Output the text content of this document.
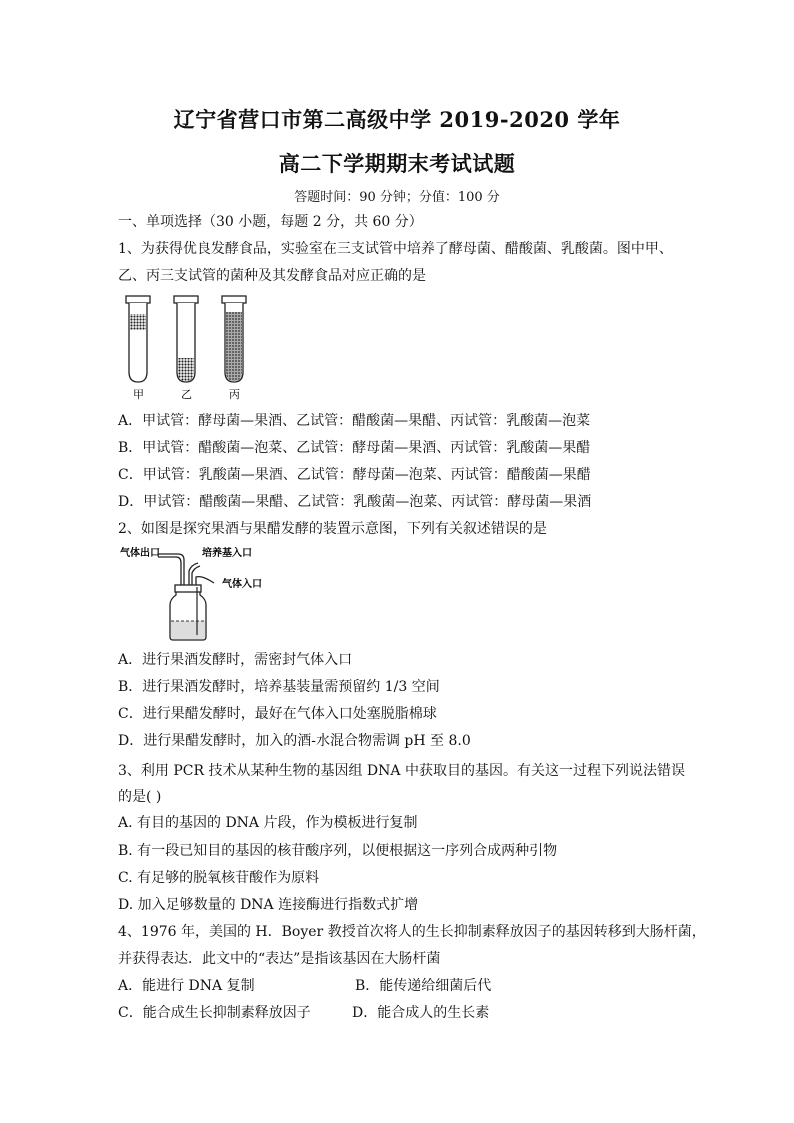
辽宁省营口市第二高级中学 2019-2020 学年
高二下学期期末考试试题
答题时间：90 分钟；分值：100 分
一、单项选择（30 小题，每题 2 分，共 60 分）
1、为获得优良发酵食品，实验室在三支试管中培养了酵母菌、醋酸菌、乳酸菌。图中甲、
乙、丙三支试管的菌种及其发酵食品对应正确的是
甲	乙	丙
A．甲试管：酵母菌—果酒、乙试管：醋酸菌—果醋、丙试管：乳酸菌—泡菜
B．甲试管：醋酸菌—泡菜、乙试管：酵母菌—果酒、丙试管：乳酸菌—果醋
C．甲试管：乳酸菌—果酒、乙试管：酵母菌—泡菜、丙试管：醋酸菌—果醋
D．甲试管：醋酸菌—果醋、乙试管：乳酸菌—泡菜、丙试管：酵母菌—果酒
2、如图是探究果酒与果醋发酵的装置示意图，下列有关叙述错误的是
气体出口	培养基入口
气体入口
A．进行果酒发酵时，需密封气体入口
B．进行果酒发酵时，培养基装量需预留约 1/3 空间
C．进行果醋发酵时，最好在气体入口处塞脱脂棉球
D．进行果醋发酵时，加入的酒-水混合物需调 pH 至 8.0
3、利用 PCR 技术从某种生物的基因组 DNA 中获取目的基因。有关这一过程下列说法错误
的是( )
A. 有目的基因的 DNA 片段，作为模板进行复制
B. 有一段已知目的基因的核苷酸序列，以便根据这一序列合成两种引物
C. 有足够的脱氧核苷酸作为原料
D. 加入足够数量的 DNA 连接酶进行指数式扩增
4、1976 年，美国的 H．Boyer 教授首次将人的生长抑制素释放因子的基因转移到大肠杆菌，
并获得表达．此文中的“表达”是指该基因在大肠杆菌
A．能进行 DNA 复制	B．能传递给细菌后代
C．能合成生长抑制素释放因子	D．能合成人的生长素
